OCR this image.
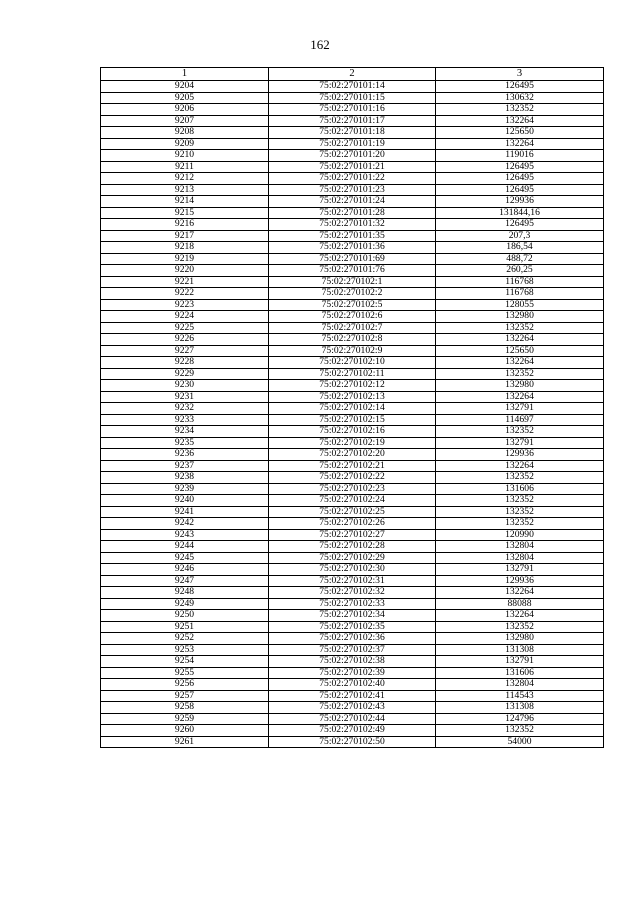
162
1	2	3
9204	75:02:270101:14	126495
9205	75:02:270101:15	130632
9206	75:02:270101:16	132352
9207	75:02:270101:17	132264
9208	75:02:270101:18	125650
9209	75:02:270101:19	132264
9210	75:02:270101:20	119016
9211	75:02:270101:21	126495
9212	75:02:270101:22	126495
9213	75:02:270101:23	126495
9214	75:02:270101:24	129936
9215	75:02:270101:28	131844,16
9216	75:02:270101:32	126495
9217	75:02:270101:35	207,3
9218	75:02:270101:36	186,54
9219	75:02:270101:69	488,72
9220	75:02:270101:76	260,25
9221	75:02:270102:1	116768
9222	75:02:270102:2	116768
9223	75:02:270102:5	128055
9224	75:02:270102:6	132980
9225	75:02:270102:7	132352
9226	75:02:270102:8	132264
9227	75:02:270102:9	125650
9228	75:02:270102:10	132264
9229	75:02:270102:11	132352
9230	75:02:270102:12	132980
9231	75:02:270102:13	132264
9232	75:02:270102:14	132791
9233	75:02:270102:15	114697
9234	75:02:270102:16	132352
9235	75:02:270102:19	132791
9236	75:02:270102:20	129936
9237	75:02:270102:21	132264
9238	75:02:270102:22	132352
9239	75:02:270102:23	131606
9240	75:02:270102:24	132352
9241	75:02:270102:25	132352
9242	75:02:270102:26	132352
9243	75:02:270102:27	120990
9244	75:02:270102:28	132804
9245	75:02:270102:29	132804
9246	75:02:270102:30	132791
9247	75:02:270102:31	129936
9248	75:02:270102:32	132264
9249	75:02:270102:33	88088
9250	75:02:270102:34	132264
9251	75:02:270102:35	132352
9252	75:02:270102:36	132980
9253	75:02:270102:37	131308
9254	75:02:270102:38	132791
9255	75:02:270102:39	131606
9256	75:02:270102:40	132804
9257	75:02:270102:41	114543
9258	75:02:270102:43	131308
9259	75:02:270102:44	124796
9260	75:02:270102:49	132352
9261	75:02:270102:50	54000
